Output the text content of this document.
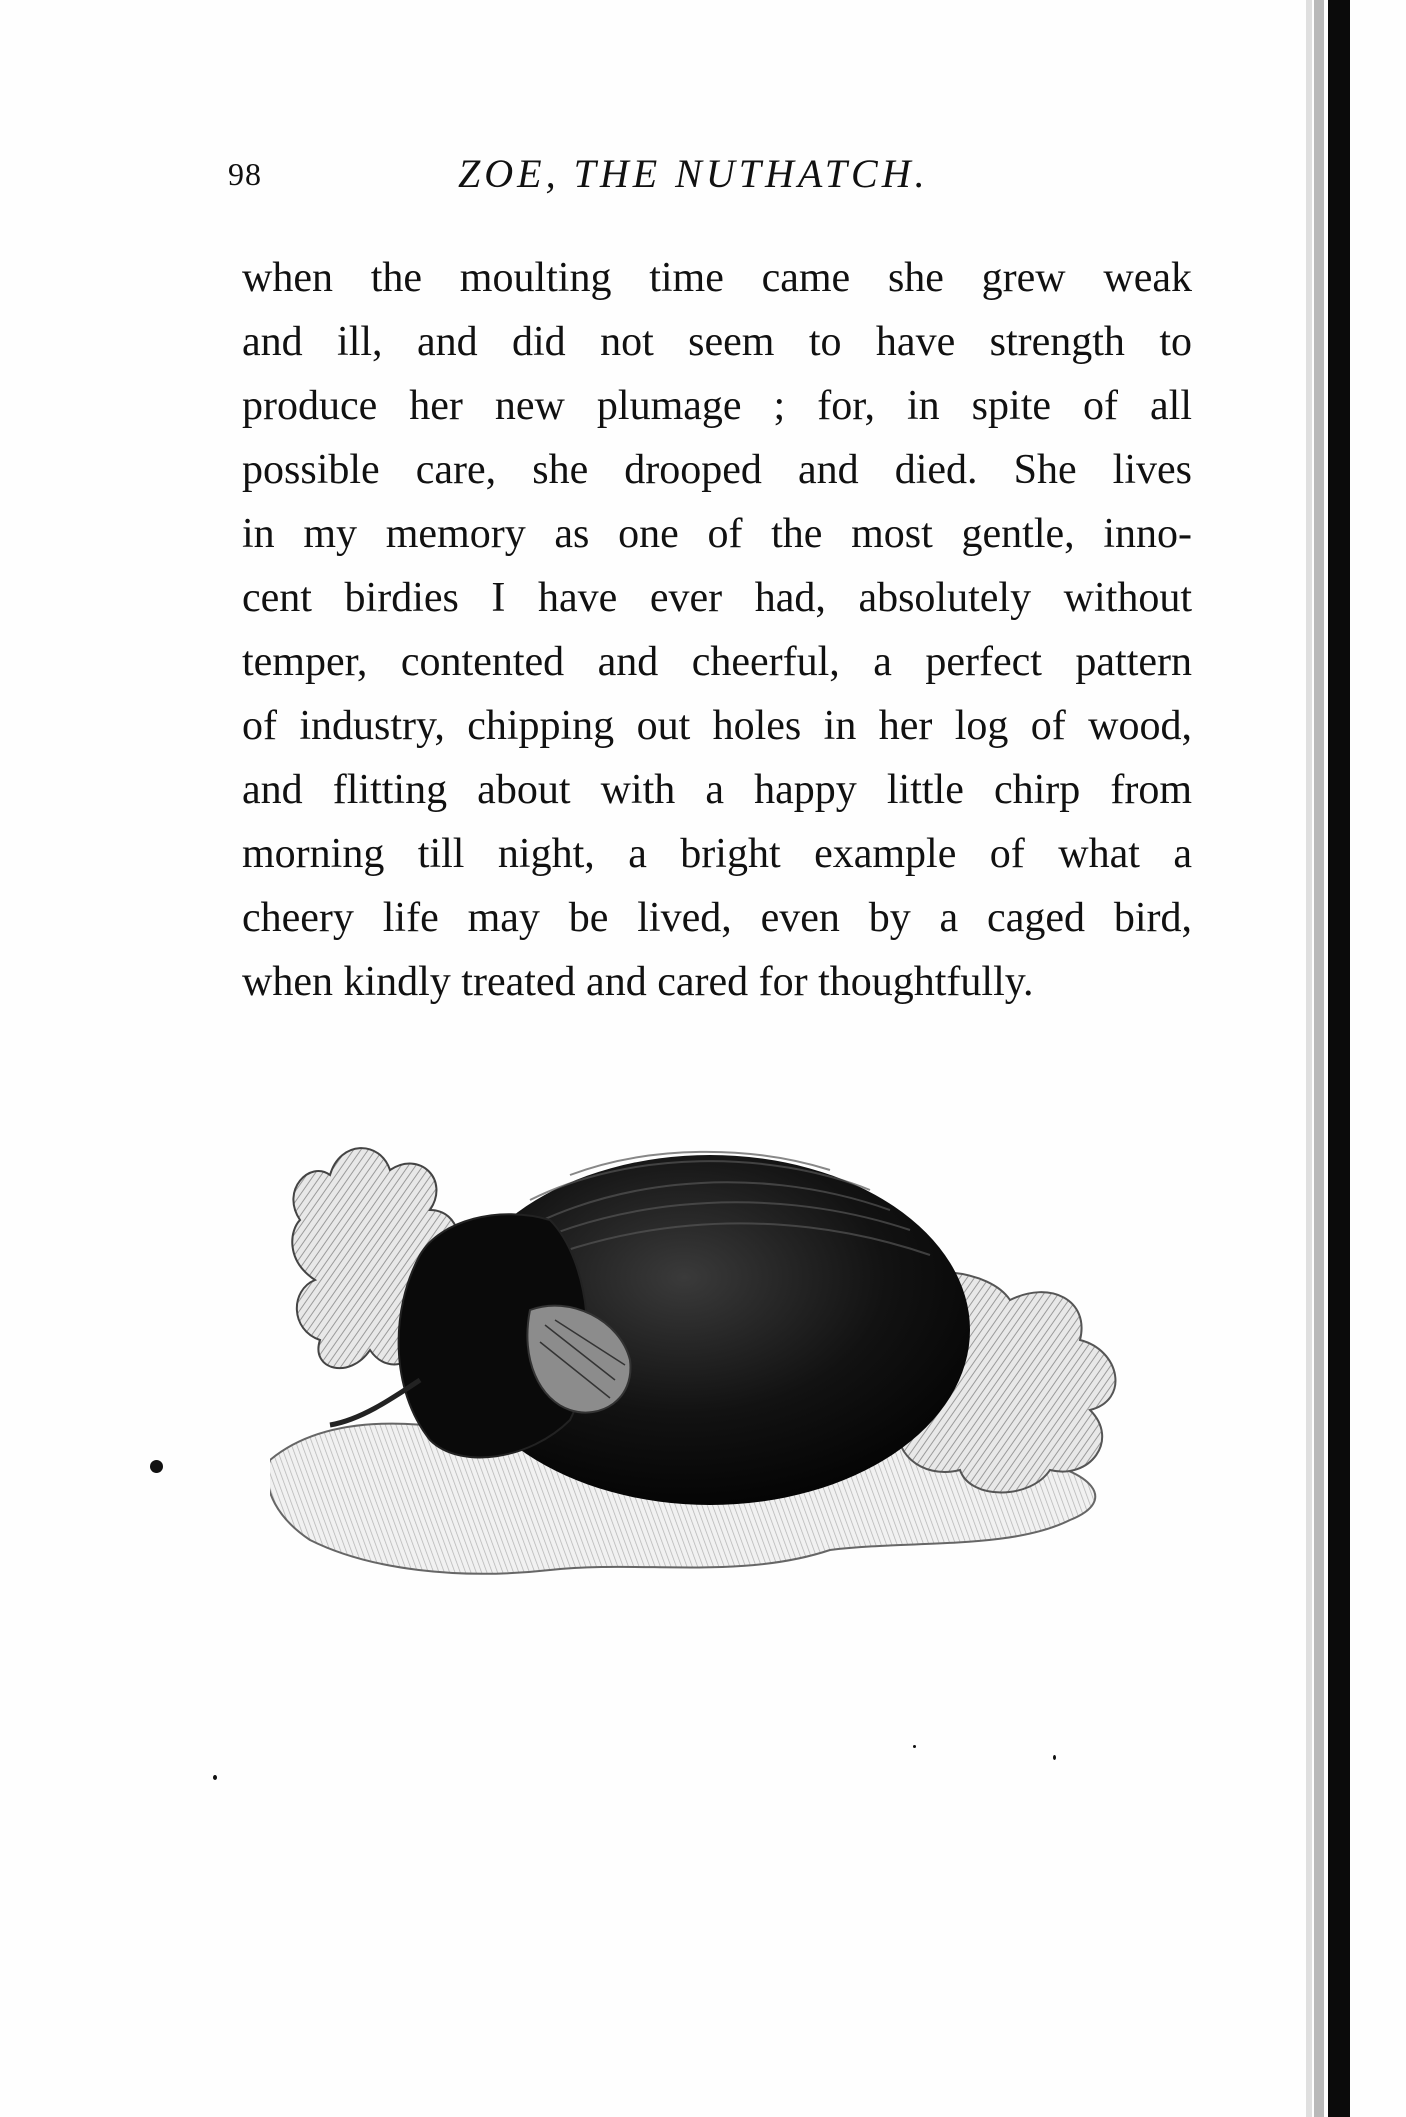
98	ZOE, THE NUTHATCH.
when the moulting time came she grew weak
and ill, and did not seem to have strength to
produce her new plumage ; for, in spite of all
possible care, she drooped and died. She lives
in my memory as one of the most gentle, inno-
cent birdies I have ever had, absolutely without
temper, contented and cheerful, a perfect pattern
of industry, chipping out holes in her log of wood,
and flitting about with a happy little chirp from
morning till night, a bright example of what a
cheery life may be lived, even by a caged bird,
when kindly treated and cared for thoughtfully.
